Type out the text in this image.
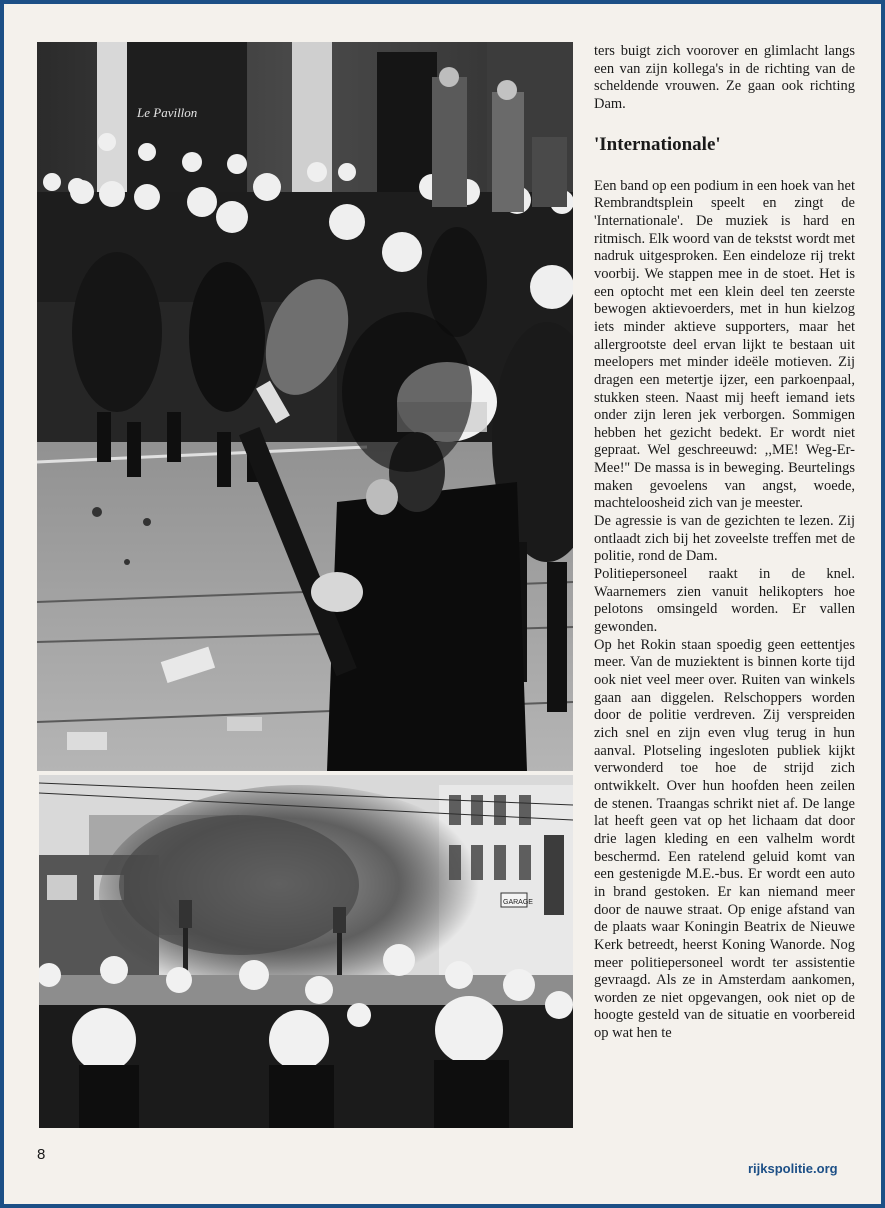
Le Pavillon
GARAGE

ters buigt zich voorover en glimlacht langs een van zijn kollega's in de richting van de scheldende vrouwen. Ze gaan ook richting Dam.

'Internationale'

Een band op een podium in een hoek van het Rembrandtsplein speelt en zingt de 'Internationale'. De muziek is hard en ritmisch. Elk woord van de tekstst wordt met nadruk uitgesproken. Een eindeloze rij trekt voorbij. We stappen mee in de stoet. Het is een optocht met een klein deel ten zeerste bewogen aktievoerders, met in hun kielzog iets minder aktieve supporters, maar het allergrootste deel ervan lijkt te bestaan uit meelopers met minder ideële motieven. Zij dragen een metertje ijzer, een parkoenpaal, stukken steen. Naast mij heeft iemand iets onder zijn leren jek verborgen. Sommigen hebben het gezicht bedekt. Er wordt niet gepraat. Wel geschreeuwd: ,,ME! Weg-Er-Mee!'' De massa is in beweging. Beurtelings maken gevoelens van angst, woede, machteloosheid zich van je meester.

De agressie is van de gezichten te lezen. Zij ontlaadt zich bij het zoveelste treffen met de politie, rond de Dam.

Politiepersoneel raakt in de knel. Waarnemers zien vanuit helikopters hoe pelotons omsingeld worden. Er vallen gewonden.

Op het Rokin staan spoedig geen eettentjes meer. Van de muziektent is binnen korte tijd ook niet veel meer over. Ruiten van winkels gaan aan diggelen. Relschoppers worden door de politie verdreven. Zij verspreiden zich snel en zijn even vlug terug in hun aanval. Plotseling ingesloten publiek kijkt verwonderd toe hoe de strijd zich ontwikkelt. Over hun hoofden heen zeilen de stenen. Traangas schrikt niet af. De lange lat heeft geen vat op het lichaam dat door drie lagen kleding en een valhelm wordt beschermd. Een ratelend geluid komt van een gestenigde M.E.-bus. Er wordt een auto in brand gestoken. Er kan niemand meer door de nauwe straat. Op enige afstand van de plaats waar Koningin Beatrix de Nieuwe Kerk betreedt, heerst Koning Wanorde. Nog meer politiepersoneel wordt ter assistentie gevraagd. Als ze in Amsterdam aankomen, worden ze niet opgevangen, ook niet op de hoogte gesteld van de situatie en voorbereid op wat hen te

8
rijkspolitie.org
